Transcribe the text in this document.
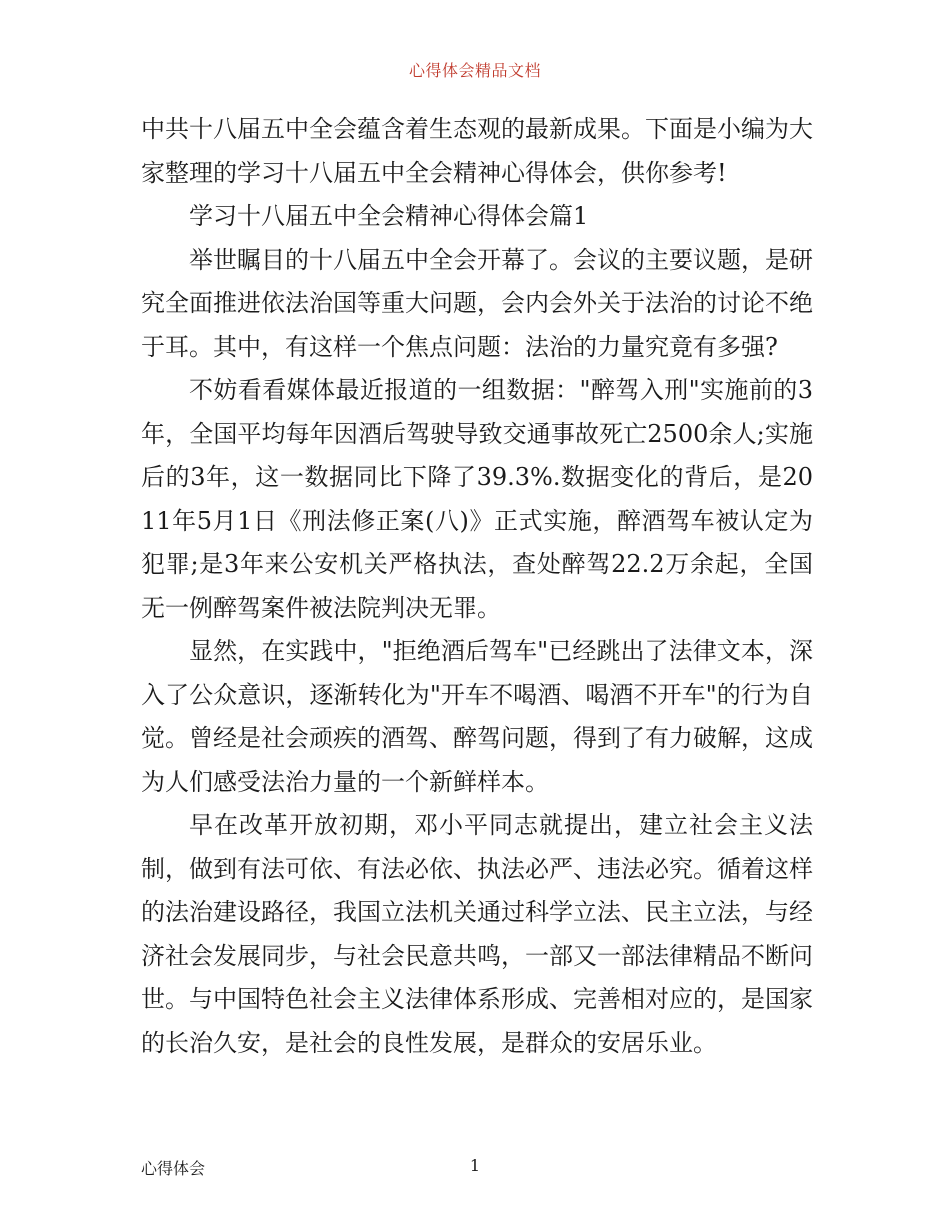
心得体会精品文档

中共十八届五中全会蕴含着生态观的最新成果。下面是小编为大家整理的学习十八届五中全会精神心得体会，供你参考!

学习十八届五中全会精神心得体会篇1

举世瞩目的十八届五中全会开幕了。会议的主要议题，是研究全面推进依法治国等重大问题，会内会外关于法治的讨论不绝于耳。其中，有这样一个焦点问题：法治的力量究竟有多强?

不妨看看媒体最近报道的一组数据："醉驾入刑"实施前的3年，全国平均每年因酒后驾驶导致交通事故死亡2500余人;实施后的3年，这一数据同比下降了39.3%.数据变化的背后，是2011年5月1日《刑法修正案(八)》正式实施，醉酒驾车被认定为犯罪;是3年来公安机关严格执法，查处醉驾22.2万余起，全国无一例醉驾案件被法院判决无罪。

显然，在实践中，"拒绝酒后驾车"已经跳出了法律文本，深入了公众意识，逐渐转化为"开车不喝酒、喝酒不开车"的行为自觉。曾经是社会顽疾的酒驾、醉驾问题，得到了有力破解，这成为人们感受法治力量的一个新鲜样本。

早在改革开放初期，邓小平同志就提出，建立社会主义法制，做到有法可依、有法必依、执法必严、违法必究。循着这样的法治建设路径，我国立法机关通过科学立法、民主立法，与经济社会发展同步，与社会民意共鸣，一部又一部法律精品不断问世。与中国特色社会主义法律体系形成、完善相对应的，是国家的长治久安，是社会的良性发展，是群众的安居乐业。

心得体会	1
